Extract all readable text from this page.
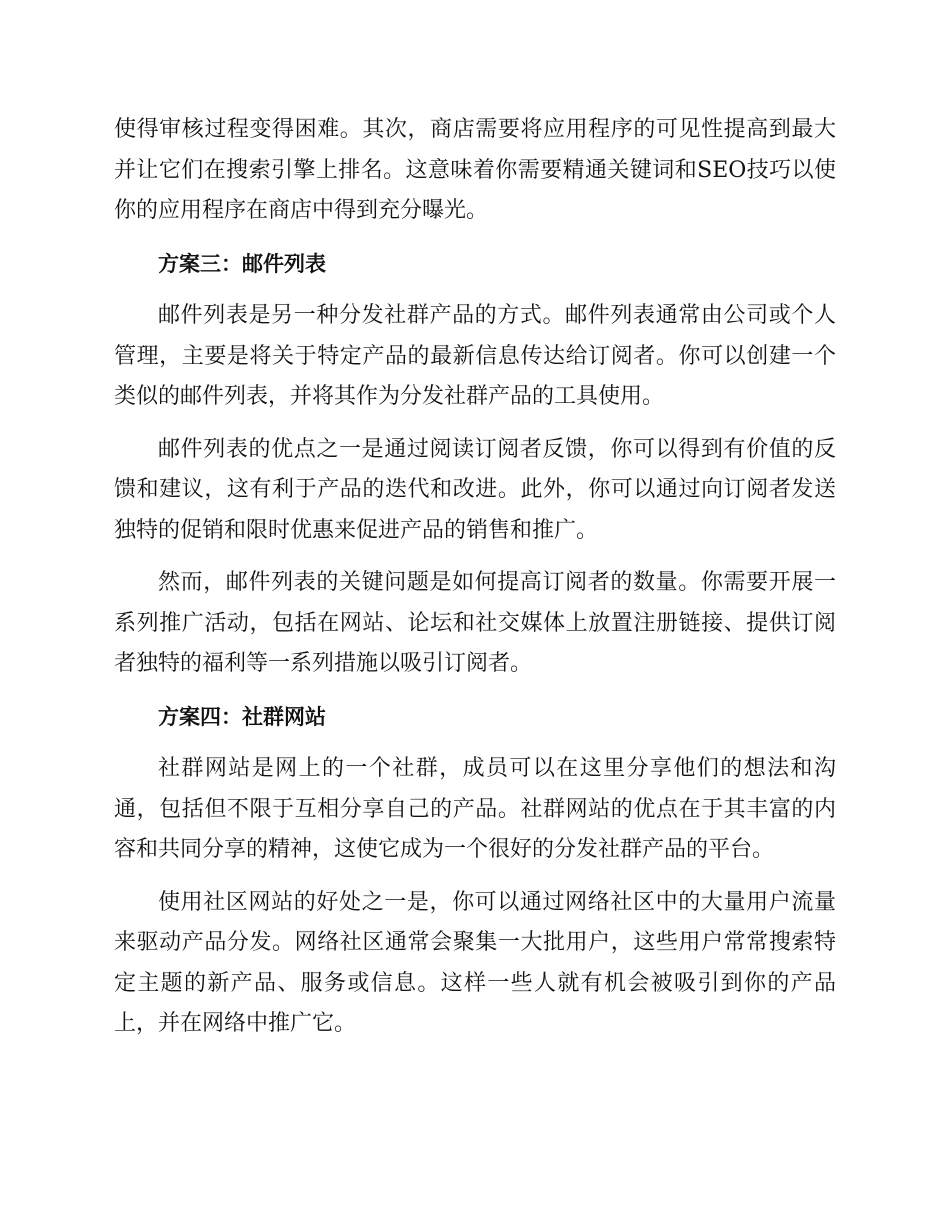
使得审核过程变得困难。其次，商店需要将应用程序的可见性提高到最大并让它们在搜索引擎上排名。这意味着你需要精通关键词和SEO技巧以使你的应用程序在商店中得到充分曝光。

方案三：邮件列表

邮件列表是另一种分发社群产品的方式。邮件列表通常由公司或个人管理，主要是将关于特定产品的最新信息传达给订阅者。你可以创建一个类似的邮件列表，并将其作为分发社群产品的工具使用。

邮件列表的优点之一是通过阅读订阅者反馈，你可以得到有价值的反馈和建议，这有利于产品的迭代和改进。此外，你可以通过向订阅者发送独特的促销和限时优惠来促进产品的销售和推广。

然而，邮件列表的关键问题是如何提高订阅者的数量。你需要开展一系列推广活动，包括在网站、论坛和社交媒体上放置注册链接、提供订阅者独特的福利等一系列措施以吸引订阅者。

方案四：社群网站

社群网站是网上的一个社群，成员可以在这里分享他们的想法和沟通，包括但不限于互相分享自己的产品。社群网站的优点在于其丰富的内容和共同分享的精神，这使它成为一个很好的分发社群产品的平台。

使用社区网站的好处之一是，你可以通过网络社区中的大量用户流量来驱动产品分发。网络社区通常会聚集一大批用户，这些用户常常搜索特定主题的新产品、服务或信息。这样一些人就有机会被吸引到你的产品上，并在网络中推广它。
